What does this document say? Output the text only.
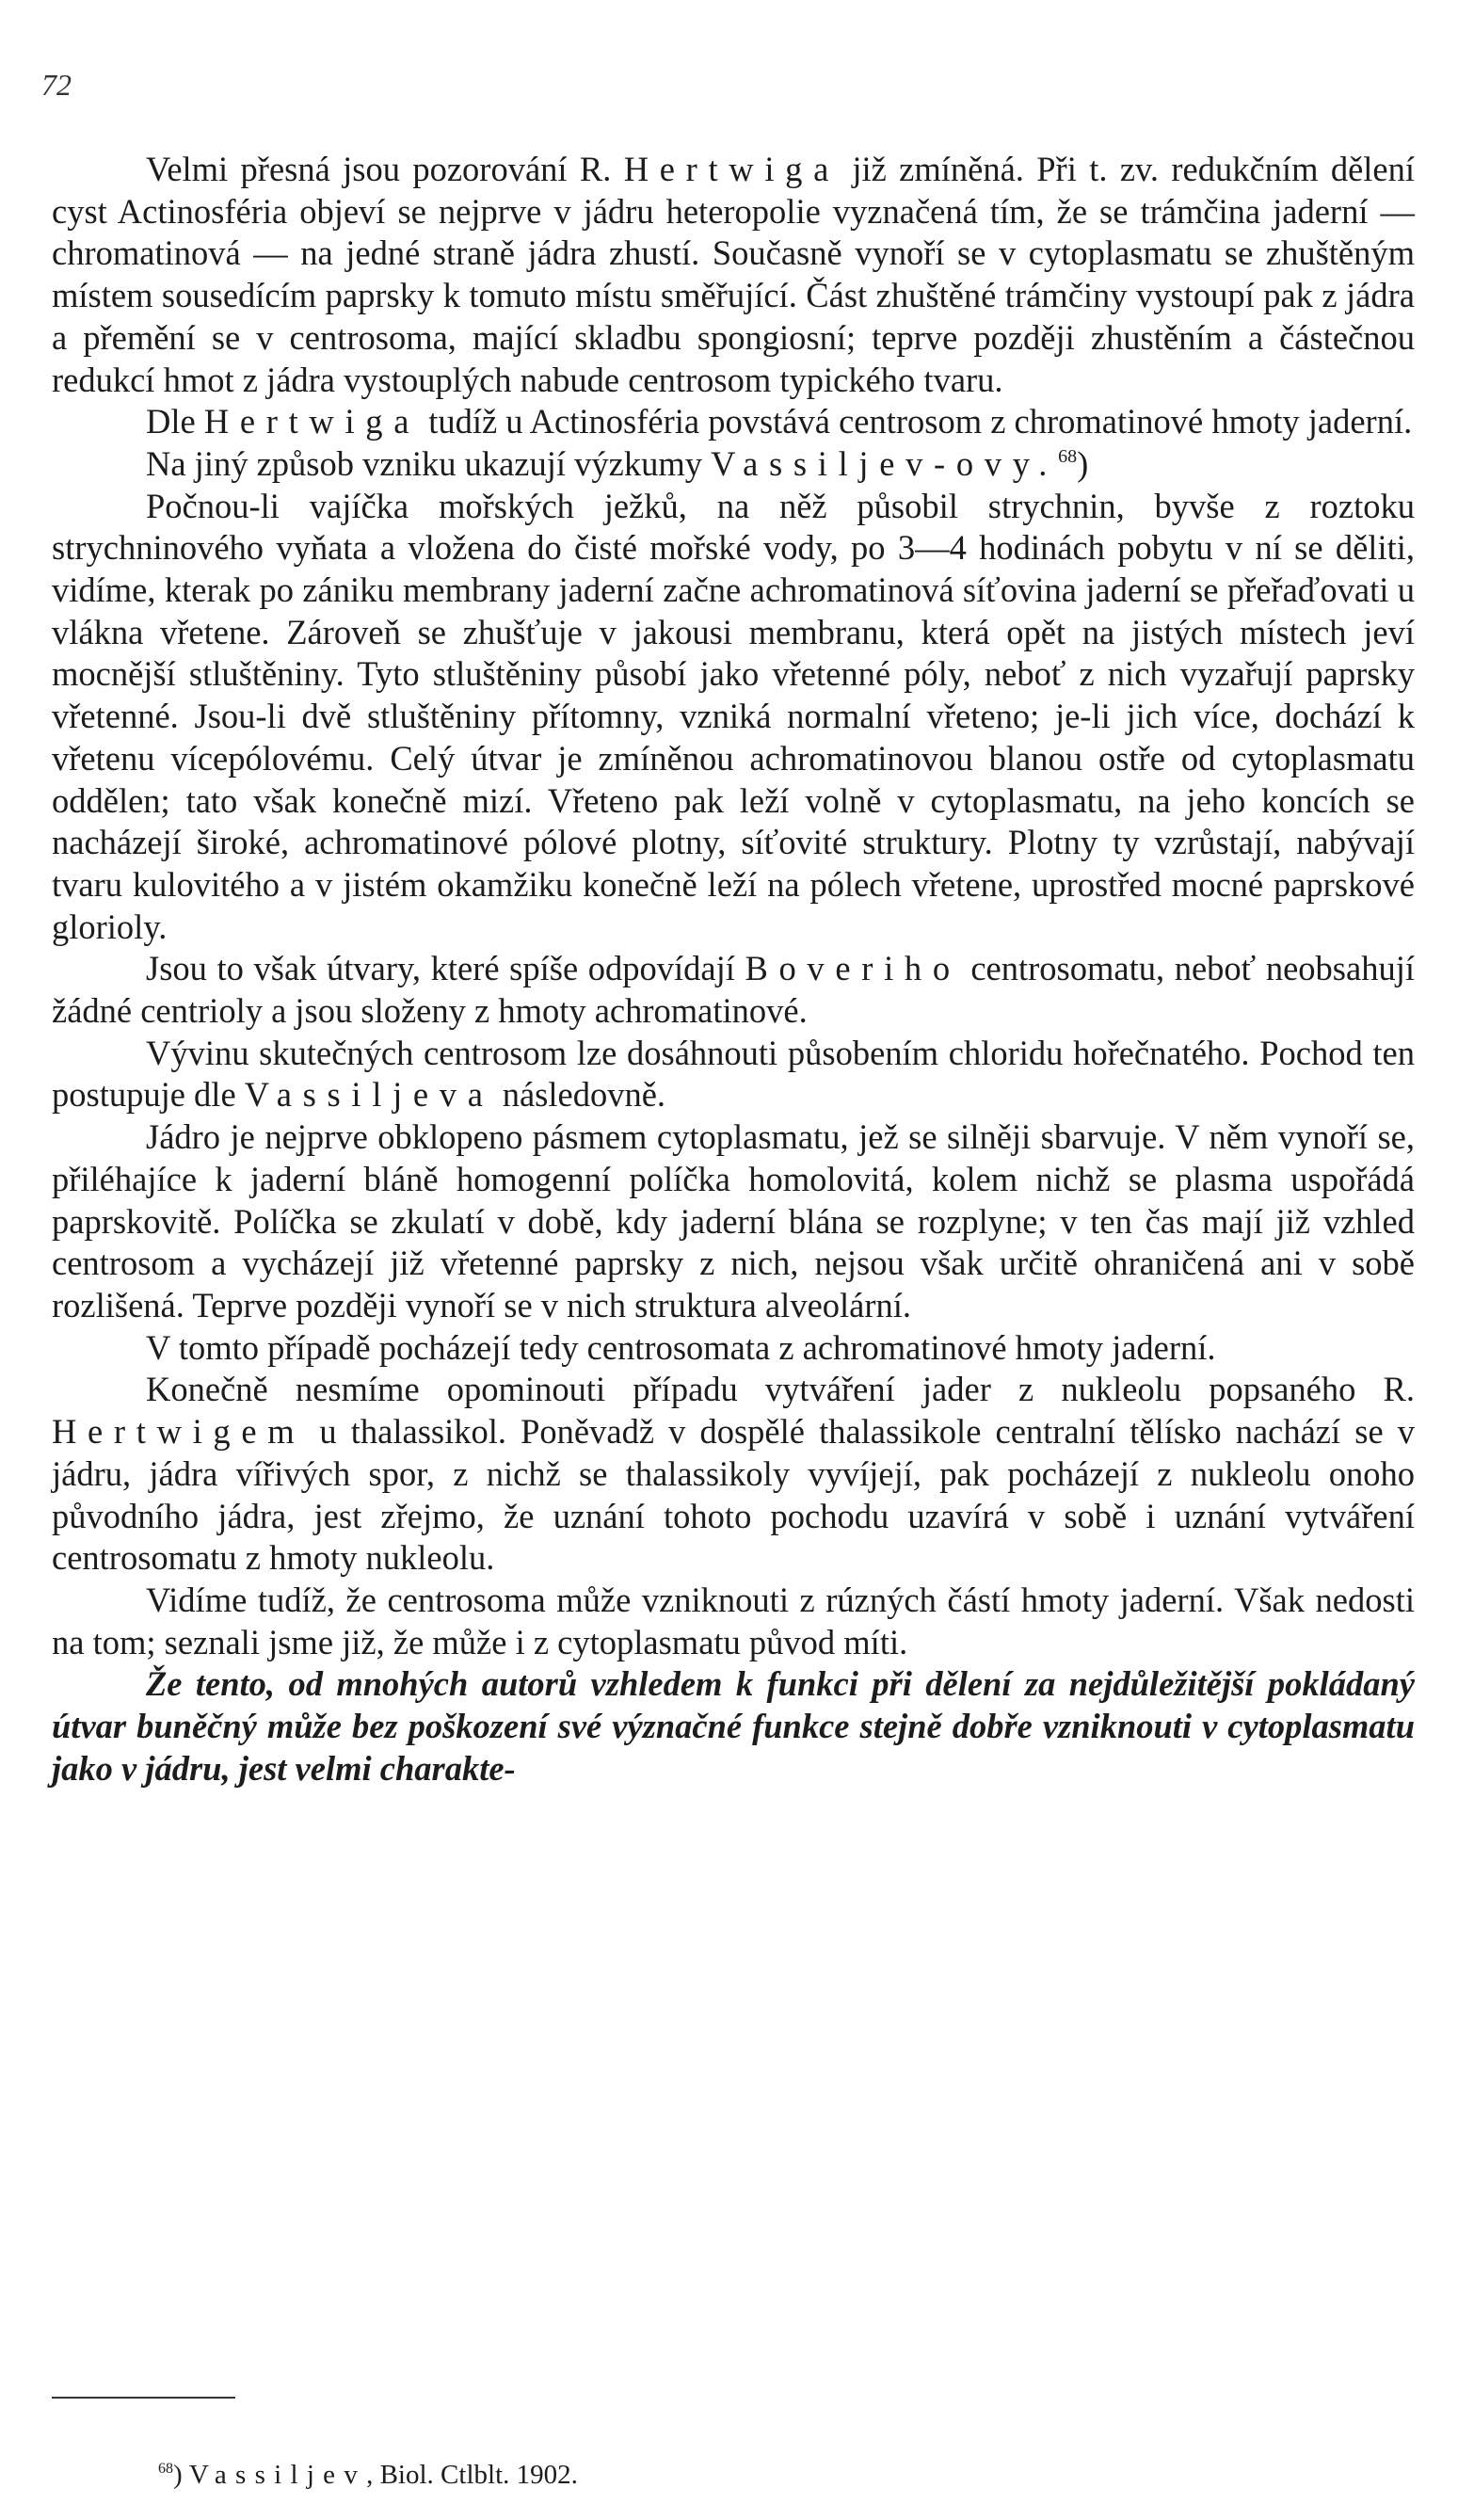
72

Velmi přesná jsou pozorování R. Hertwiga již zmíněná. Při t. zv. redukčním dělení cyst Actinosféria objeví se nejprve v jádru heteropolie vyznačená tím, že se trámčina jaderní — chromatinová — na jedné straně jádra zhustí. Současně vynoří se v cytoplasmatu se zhuštěným místem sousedícím paprsky k tomuto místu směřující. Část zhuštěné trámčiny vystoupí pak z jádra a přemění se v centrosoma, mající skladbu spongiosní; teprve později zhustěním a částečnou redukcí hmot z jádra vystouplých nabude centrosom typického tvaru.

Dle Hertwiga tudíž u Actinosféria povstává centrosom z chromatinové hmoty jaderní.

Na jiný způsob vzniku ukazují výzkumy Vassiljev-ovy.$^{68}$)

Počnou-li vajíčka mořských ježků, na něž působil strychnin, byvše z roztoku strychninového vyňata a vložena do čisté mořské vody, po 3—4 hodinách pobytu v ní se děliti, vidíme, kterak po zániku membrany jaderní začne achromatinová síťovina jaderní se přeřaďovati u vlákna vřetene. Zároveň se zhušťuje v jakousi membranu, která opět na jistých místech jeví mocnější stluštěniny. Tyto stluštěniny působí jako vřetenné póly, neboť z nich vyzařují paprsky vřetenné. Jsou-li dvě stluštěniny přítomny, vzniká normalní vřeteno; je-li jich více, dochází k vřetenu vícepólovému. Celý útvar je zmíněnou achromatinovou blanou ostře od cytoplasmatu oddělen; tato však konečně mizí. Vřeteno pak leží volně v cytoplasmatu, na jeho koncích se nacházejí široké, achromatinové pólové plotny, síťovité struktury. Plotny ty vzrůstají, nabývají tvaru kulovitého a v jistém okamžiku konečně leží na pólech vřetene, uprostřed mocné paprskové glorioly.

Jsou to však útvary, které spíše odpovídají Boveriho centrosomatu, neboť neobsahují žádné centrioly a jsou složeny z hmoty achromatinové.

Vývinu skutečných centrosom lze dosáhnouti působením chloridu hořečnatého. Pochod ten postupuje dle Vassiljeva následovně.

Jádro je nejprve obklopeno pásmem cytoplasmatu, jež se silněji sbarvuje. V něm vynoří se, přiléhajíce k jaderní bláně homogenní políčka homolovitá, kolem nichž se plasma uspořádá paprskovitě. Políčka se zkulatí v době, kdy jaderní blána se rozplyne; v ten čas mají již vzhled centrosom a vycházejí již vřetenné paprsky z nich, nejsou však určitě ohraničená ani v sobě rozlišená. Teprve později vynoří se v nich struktura alveolární.

V tomto případě pocházejí tedy centrosomata z achromatinové hmoty jaderní.

Konečně nesmíme opominouti případu vytváření jader z nukleolu popsaného R. Hertwigem u thalassikol. Poněvadž v dospělé thalassikole centralní tělísko nachází se v jádru, jádra vířivých spor, z nichž se thalassikoly vyvíjejí, pak pocházejí z nukleolu onoho původního jádra, jest zřejmo, že uznání tohoto pochodu uzavírá v sobě i uznání vytváření centrosomatu z hmoty nukleolu.

Vidíme tudíž, že centrosoma může vzniknouti z rúzných částí hmoty jaderní. Však nedosti na tom; seznali jsme již, že může i z cytoplasmatu původ míti.

Že tento, od mnohých autorů vzhledem k funkci při dělení za nejdůležitější pokládaný útvar buněčný může bez poškození své význačné funkce stejně dobře vzniknouti v cytoplasmatu jako v jádru, jest velmi charakte-

$^{68}$) Vassiljev, Biol. Ctlblt. 1902.
